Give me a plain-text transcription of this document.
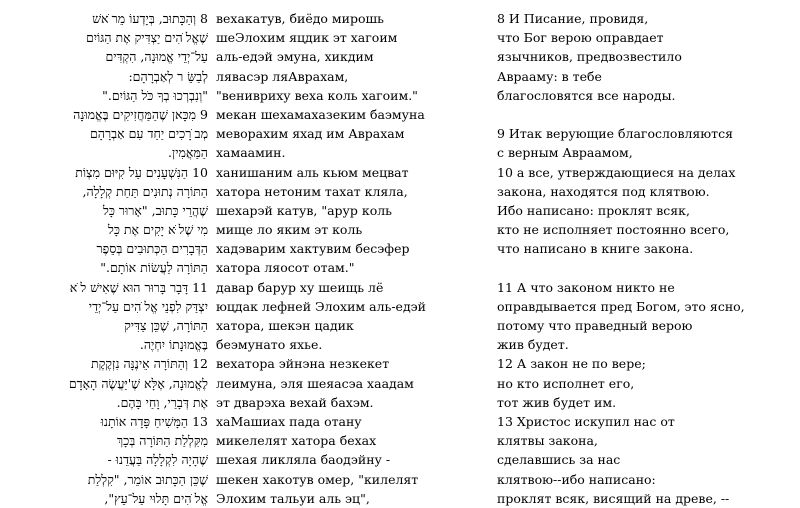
8 וְהַכָּתוּב, בְּיָדְעוֹ מֵר ֹאשׁ
שֶׁאֱל ֹהִים יַצְדִּיק אֶת הַגּוֹיִם
עַל־יְדֵי אֱמוּנָה, הִקְדִּים
לְבַשֵּׂ ר לְאַבְרָהָם:
"וְנִבְרְכוּ בְךָ כֹּל הַגּוֹיִם."
9 מִכָּאן שֶׁהַמַּחֲזִיקִים בֶּאֱמוּנָה
מְב ֹרָכִים יַחַד עִם אַבְרָהָם
הַמַּאֲמִין.
10 הַנִּשְׁעָנִים עַל קִיּוּם מִצְוֹת
הַתּוֹרָה נְתוּנִים תַּחַת קְלָלָה,
שֶׁהֲרֵי כָּתוּב, "אָרוּר כָּל
מִי שֶׁל ֹּא יָקִים אֶת כָּל
הַדְּבָרִים הַכְּתוּבִים בְּסֵפֶר
הַתּוֹרָה לַעֲשׂוֹת אוֹתָם."
11 דָּבָר בָּרוּר הוּא שֶׁאִישׁ ל ֹא
יִצְדַּק לִפְנֵי אֱל ֹהִים עַל־יְדֵי
הַתּוֹרָה, שֶׁכֵּן צַדִּיק
בֶּאֱמוּנָתוֹ יִחְיֶה.
12 וְהַתּוֹרָה אֵינֶנָּה נִזְקֶקֶת
לֶאֱמוּנָה, אֶלָּא שֶׁ'יַּעֲשֶׂה הָאָדָם
אֶת דְּבָרַי, וָחַי בָּהֶם.
13 הַמָּשִׁיחַ פָּדָה אוֹתָנוּ
מִקִּלְלַת הַתּוֹרָה בְּכָךְ
שֶׁהָיָה לִקְלָלָה בַּעֲדֵנוּ -
שֶׁכֵּן הַכָּתוּב אוֹמֵר, "קִלְלַת
אֱל ֹהִים תָּלוּי עַל־עֵץ",
вехакатув, биёдо мирошь
шеЭлохим яцдик эт хагоим
аль-едэй эмуна, хикдим
лявасэр ляАврахам,
"венивриху веха коль хагоим."
мекан шехамахазеким баэмуна
меворахим яхад им Аврахам
хамаамин.
ханишаним аль кьюм мецват
хатора нетоним тахат кляла,
шехарэй катув, "арур коль
мище ло яким эт коль
хадэварим хактувим бесэфер
хатора ляосот отам."
давар барур ху шеищь лё
юцдак лефней Элохим аль-едэй
хатора, шекэн цадик
беэмунато яхье.
вехатора эйнэна незкекет
леимуна, эля шеяасэа хаадам
эт дварэха вехай бахэм.
хаМашиах пада отану
микелелят хатора бехах
шехая ликляла баодэйну -
шекен хакотув омер, "килелят
Элохим тальуи аль эц",
8 И Писание, провидя,
что Бог верою оправдает
язычников, предвозвестило
Аврааму: в тебе
благословятся все народы.
9 Итак верующие благословляются
с верным Авраамом,
10 а все, утверждающиеся на делах
закона, находятся под клятвою.
Ибо написано: проклят всяк,
кто не исполняет постоянно всего,
что написано в книге закона.
11 А что законом никто не
оправдывается пред Богом, это ясно,
потому что праведный верою
жив будет.
12 А закон не по вере;
но кто исполнет его,
тот жив будет им.
13 Христос искупил нас от
клятвы закона,
сделавшись за нас
клятвою--ибо написано:
проклят всяк, висящий на древе, --
